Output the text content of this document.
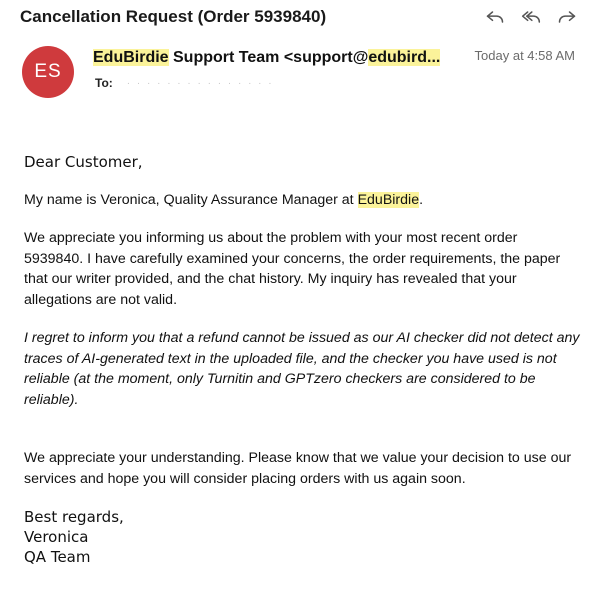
Cancellation Request (Order 5939840)
ES
EduBirdie Support Team <support@edubird...	Today at 4:58 AM
To: · · · · · · · · · · · · · · ·

Dear Customer,

My name is Veronica, Quality Assurance Manager at EduBirdie.

We appreciate you informing us about the problem with your most recent order 5939840. I have carefully examined your concerns, the order requirements, the paper that our writer provided, and the chat history. My inquiry has revealed that your allegations are not valid.

I regret to inform you that a refund cannot be issued as our AI checker did not detect any traces of AI-generated text in the uploaded file, and the checker you have used is not reliable (at the moment, only Turnitin and GPTzero checkers are considered to be reliable).

We appreciate your understanding. Please know that we value your decision to use our services and hope you will consider placing orders with us again soon.

Best regards,
Veronica
QA Team
